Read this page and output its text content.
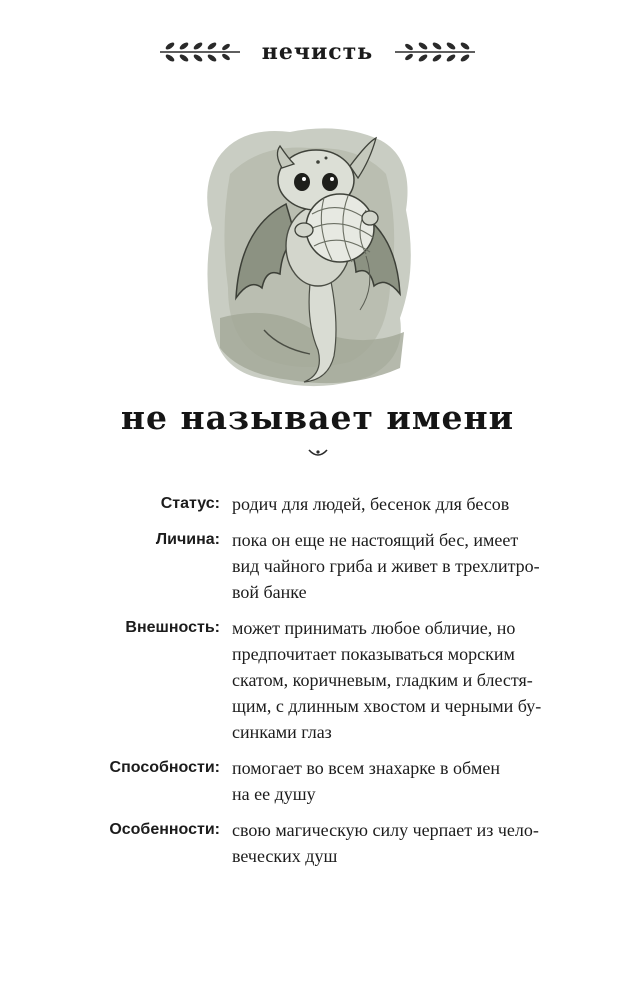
нечисть
не называет имени
Статус: родич для людей, бесенок для бесов
Личина: пока он еще не настоящий бес, имеет
вид чайного гриба и живет в трехлитро-
вой банке
Внешность: может принимать любое обличие, но
предпочитает показываться морским
скатом, коричневым, гладким и блестя-
щим, с длинным хвостом и черными бу-
синками глаз
Способности: помогает во всем знахарке в обмен
на ее душу
Особенности: свою магическую силу черпает из чело-
веческих душ
